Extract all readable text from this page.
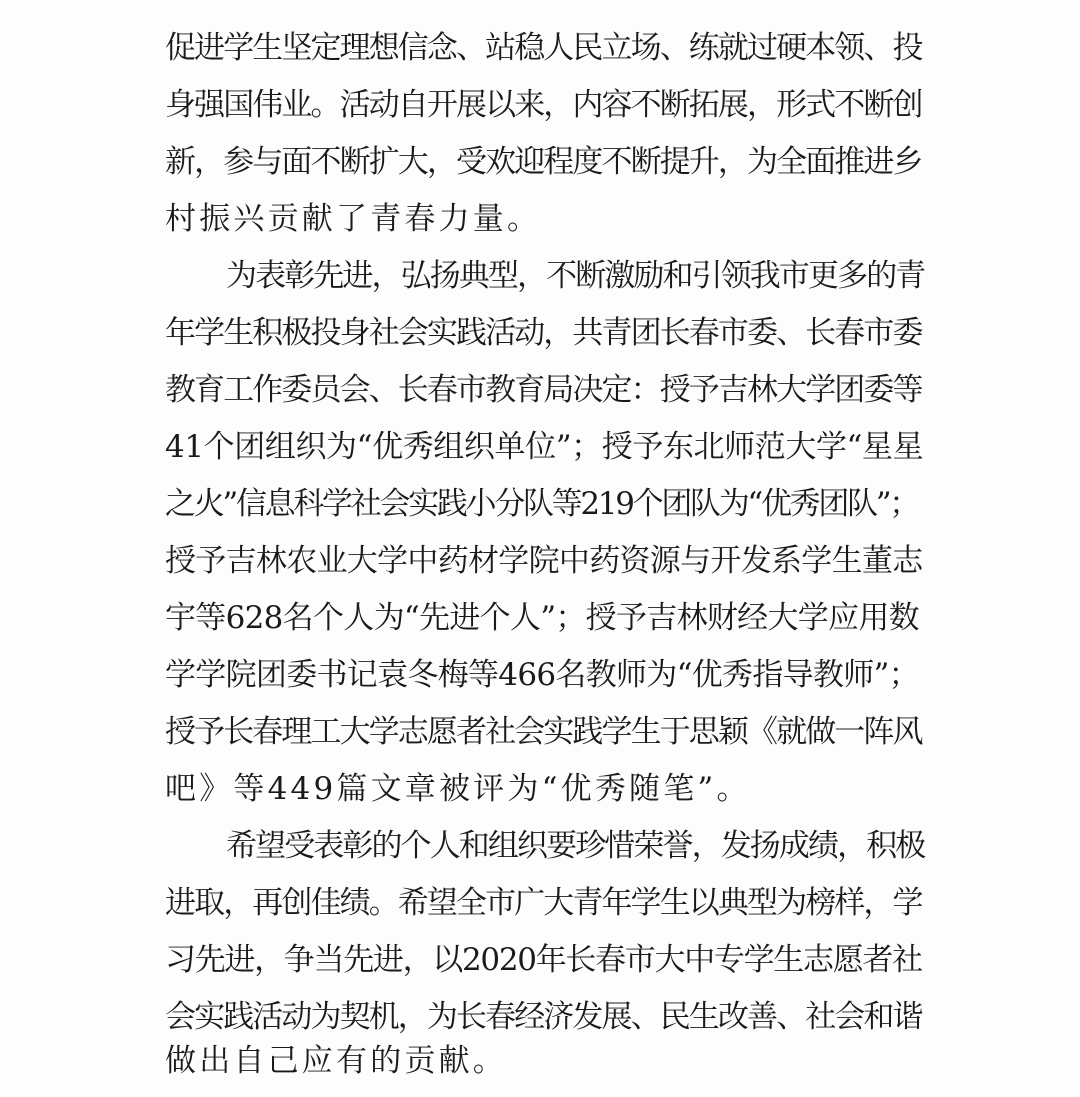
促进学生坚定理想信念、站稳人民立场、练就过硬本领、投
身强国伟业。活动自开展以来，内容不断拓展，形式不断创
新，参与面不断扩大，受欢迎程度不断提升，为全面推进乡
村振兴贡献了青春力量。
为表彰先进，弘扬典型，不断激励和引领我市更多的青
年学生积极投身社会实践活动，共青团长春市委、长春市委
教育工作委员会、长春市教育局决定：授予吉林大学团委等
41个团组织为“优秀组织单位”；授予东北师范大学“星星
之火”信息科学社会实践小分队等219个团队为“优秀团队”；
授予吉林农业大学中药材学院中药资源与开发系学生董志
宇等628名个人为“先进个人”；授予吉林财经大学应用数
学学院团委书记袁冬梅等466名教师为“优秀指导教师”；
授予长春理工大学志愿者社会实践学生于思颖《就做一阵风
吧》等449篇文章被评为“优秀随笔”。
希望受表彰的个人和组织要珍惜荣誉，发扬成绩，积极
进取，再创佳绩。希望全市广大青年学生以典型为榜样，学
习先进，争当先进，以2020年长春市大中专学生志愿者社
会实践活动为契机，为长春经济发展、民生改善、社会和谐
做出自己应有的贡献。
